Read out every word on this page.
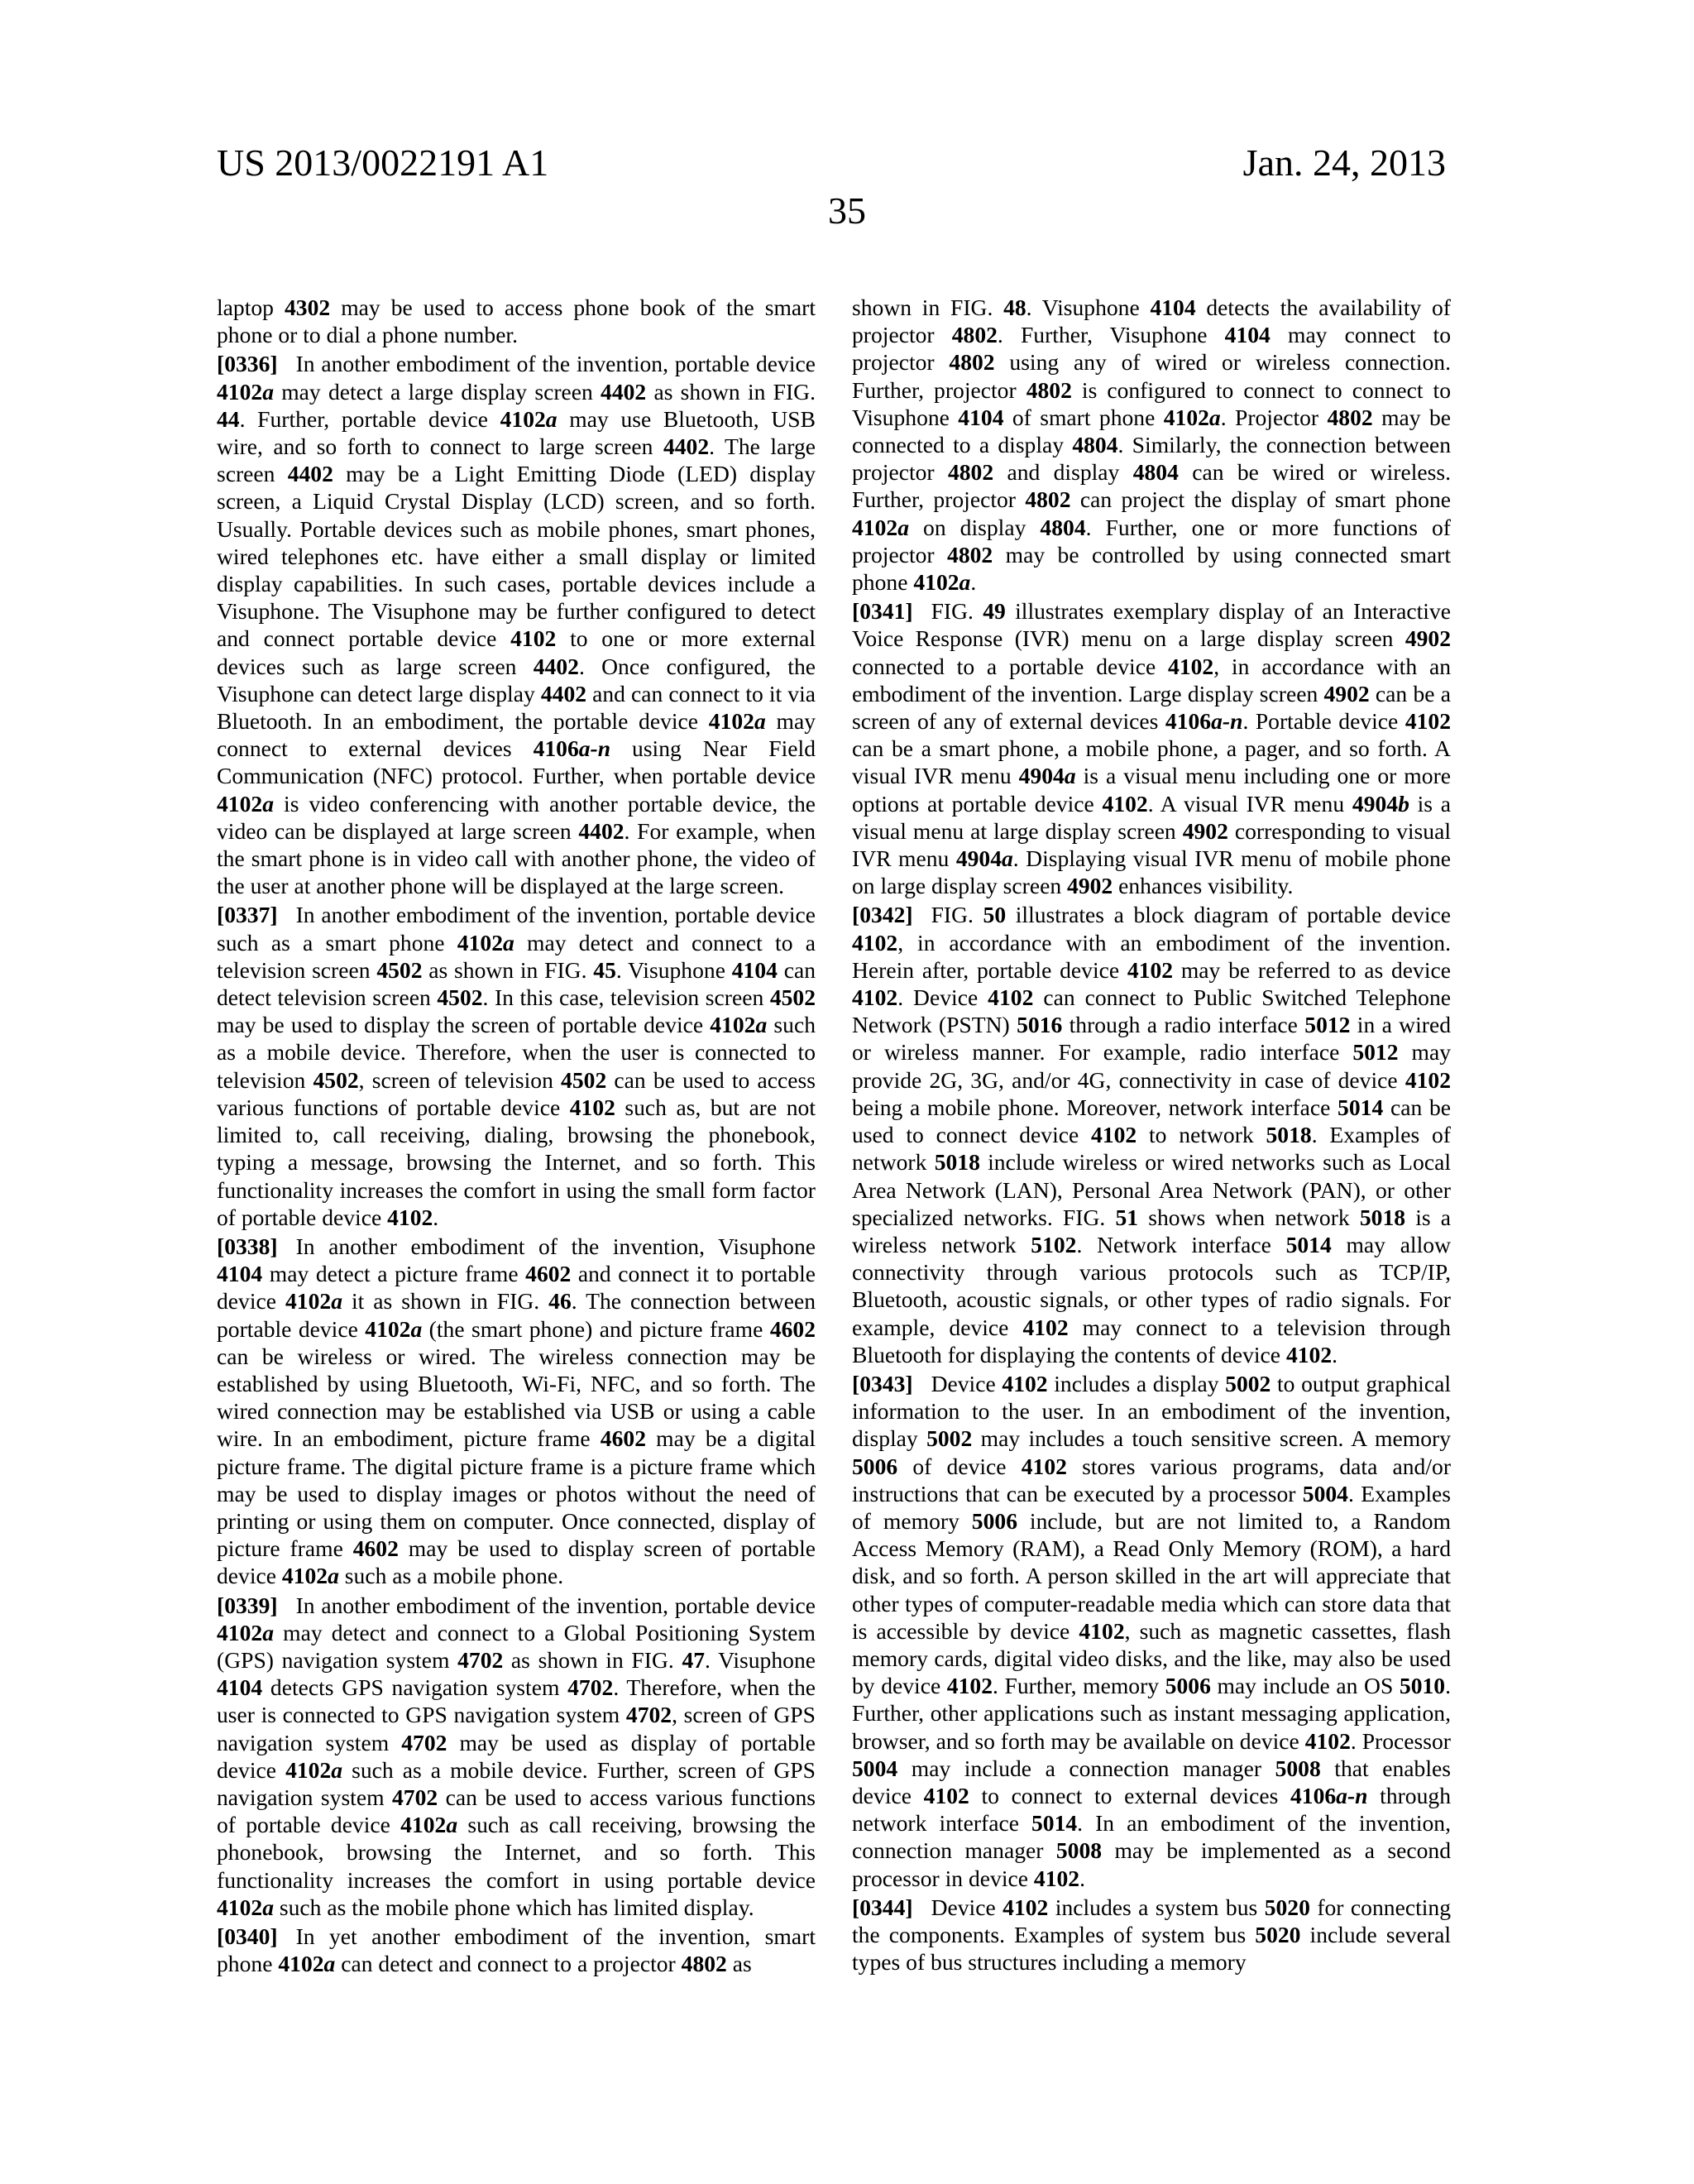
US 2013/0022191 A1
35
Jan. 24, 2013
laptop 4302 may be used to access phone book of the smart phone or to dial a phone number.
[0336] In another embodiment of the invention, portable device 4102a may detect a large display screen 4402 as shown in FIG. 44. Further, portable device 4102a may use Bluetooth, USB wire, and so forth to connect to large screen 4402. The large screen 4402 may be a Light Emitting Diode (LED) display screen, a Liquid Crystal Display (LCD) screen, and so forth. Usually. Portable devices such as mobile phones, smart phones, wired telephones etc. have either a small display or limited display capabilities. In such cases, portable devices include a Visuphone. The Visuphone may be further configured to detect and connect portable device 4102 to one or more external devices such as large screen 4402. Once configured, the Visuphone can detect large display 4402 and can connect to it via Bluetooth. In an embodiment, the portable device 4102a may connect to external devices 4106a-n using Near Field Communication (NFC) protocol. Further, when portable device 4102a is video conferencing with another portable device, the video can be displayed at large screen 4402. For example, when the smart phone is in video call with another phone, the video of the user at another phone will be displayed at the large screen.
[0337] In another embodiment of the invention, portable device such as a smart phone 4102a may detect and connect to a television screen 4502 as shown in FIG. 45. Visuphone 4104 can detect television screen 4502. In this case, television screen 4502 may be used to display the screen of portable device 4102a such as a mobile device. Therefore, when the user is connected to television 4502, screen of television 4502 can be used to access various functions of portable device 4102 such as, but are not limited to, call receiving, dialing, browsing the phonebook, typing a message, browsing the Internet, and so forth. This functionality increases the comfort in using the small form factor of portable device 4102.
[0338] In another embodiment of the invention, Visuphone 4104 may detect a picture frame 4602 and connect it to portable device 4102a it as shown in FIG. 46. The connection between portable device 4102a (the smart phone) and picture frame 4602 can be wireless or wired. The wireless connection may be established by using Bluetooth, Wi-Fi, NFC, and so forth. The wired connection may be established via USB or using a cable wire. In an embodiment, picture frame 4602 may be a digital picture frame. The digital picture frame is a picture frame which may be used to display images or photos without the need of printing or using them on computer. Once connected, display of picture frame 4602 may be used to display screen of portable device 4102a such as a mobile phone.
[0339] In another embodiment of the invention, portable device 4102a may detect and connect to a Global Positioning System (GPS) navigation system 4702 as shown in FIG. 47. Visuphone 4104 detects GPS navigation system 4702. Therefore, when the user is connected to GPS navigation system 4702, screen of GPS navigation system 4702 may be used as display of portable device 4102a such as a mobile device. Further, screen of GPS navigation system 4702 can be used to access various functions of portable device 4102a such as call receiving, browsing the phonebook, browsing the Internet, and so forth. This functionality increases the comfort in using portable device 4102a such as the mobile phone which has limited display.
[0340] In yet another embodiment of the invention, smart phone 4102a can detect and connect to a projector 4802 as
shown in FIG. 48. Visuphone 4104 detects the availability of projector 4802. Further, Visuphone 4104 may connect to projector 4802 using any of wired or wireless connection. Further, projector 4802 is configured to connect to connect to Visuphone 4104 of smart phone 4102a. Projector 4802 may be connected to a display 4804. Similarly, the connection between projector 4802 and display 4804 can be wired or wireless. Further, projector 4802 can project the display of smart phone 4102a on display 4804. Further, one or more functions of projector 4802 may be controlled by using connected smart phone 4102a.
[0341] FIG. 49 illustrates exemplary display of an Interactive Voice Response (IVR) menu on a large display screen 4902 connected to a portable device 4102, in accordance with an embodiment of the invention. Large display screen 4902 can be a screen of any of external devices 4106a-n. Portable device 4102 can be a smart phone, a mobile phone, a pager, and so forth. A visual IVR menu 4904a is a visual menu including one or more options at portable device 4102. A visual IVR menu 4904b is a visual menu at large display screen 4902 corresponding to visual IVR menu 4904a. Displaying visual IVR menu of mobile phone on large display screen 4902 enhances visibility.
[0342] FIG. 50 illustrates a block diagram of portable device 4102, in accordance with an embodiment of the invention. Herein after, portable device 4102 may be referred to as device 4102. Device 4102 can connect to Public Switched Telephone Network (PSTN) 5016 through a radio interface 5012 in a wired or wireless manner. For example, radio interface 5012 may provide 2G, 3G, and/or 4G, connectivity in case of device 4102 being a mobile phone. Moreover, network interface 5014 can be used to connect device 4102 to network 5018. Examples of network 5018 include wireless or wired networks such as Local Area Network (LAN), Personal Area Network (PAN), or other specialized networks. FIG. 51 shows when network 5018 is a wireless network 5102. Network interface 5014 may allow connectivity through various protocols such as TCP/IP, Bluetooth, acoustic signals, or other types of radio signals. For example, device 4102 may connect to a television through Bluetooth for displaying the contents of device 4102.
[0343] Device 4102 includes a display 5002 to output graphical information to the user. In an embodiment of the invention, display 5002 may includes a touch sensitive screen. A memory 5006 of device 4102 stores various programs, data and/or instructions that can be executed by a processor 5004. Examples of memory 5006 include, but are not limited to, a Random Access Memory (RAM), a Read Only Memory (ROM), a hard disk, and so forth. A person skilled in the art will appreciate that other types of computer-readable media which can store data that is accessible by device 4102, such as magnetic cassettes, flash memory cards, digital video disks, and the like, may also be used by device 4102. Further, memory 5006 may include an OS 5010. Further, other applications such as instant messaging application, browser, and so forth may be available on device 4102. Processor 5004 may include a connection manager 5008 that enables device 4102 to connect to external devices 4106a-n through network interface 5014. In an embodiment of the invention, connection manager 5008 may be implemented as a second processor in device 4102.
[0344] Device 4102 includes a system bus 5020 for connecting the components. Examples of system bus 5020 include several types of bus structures including a memory
